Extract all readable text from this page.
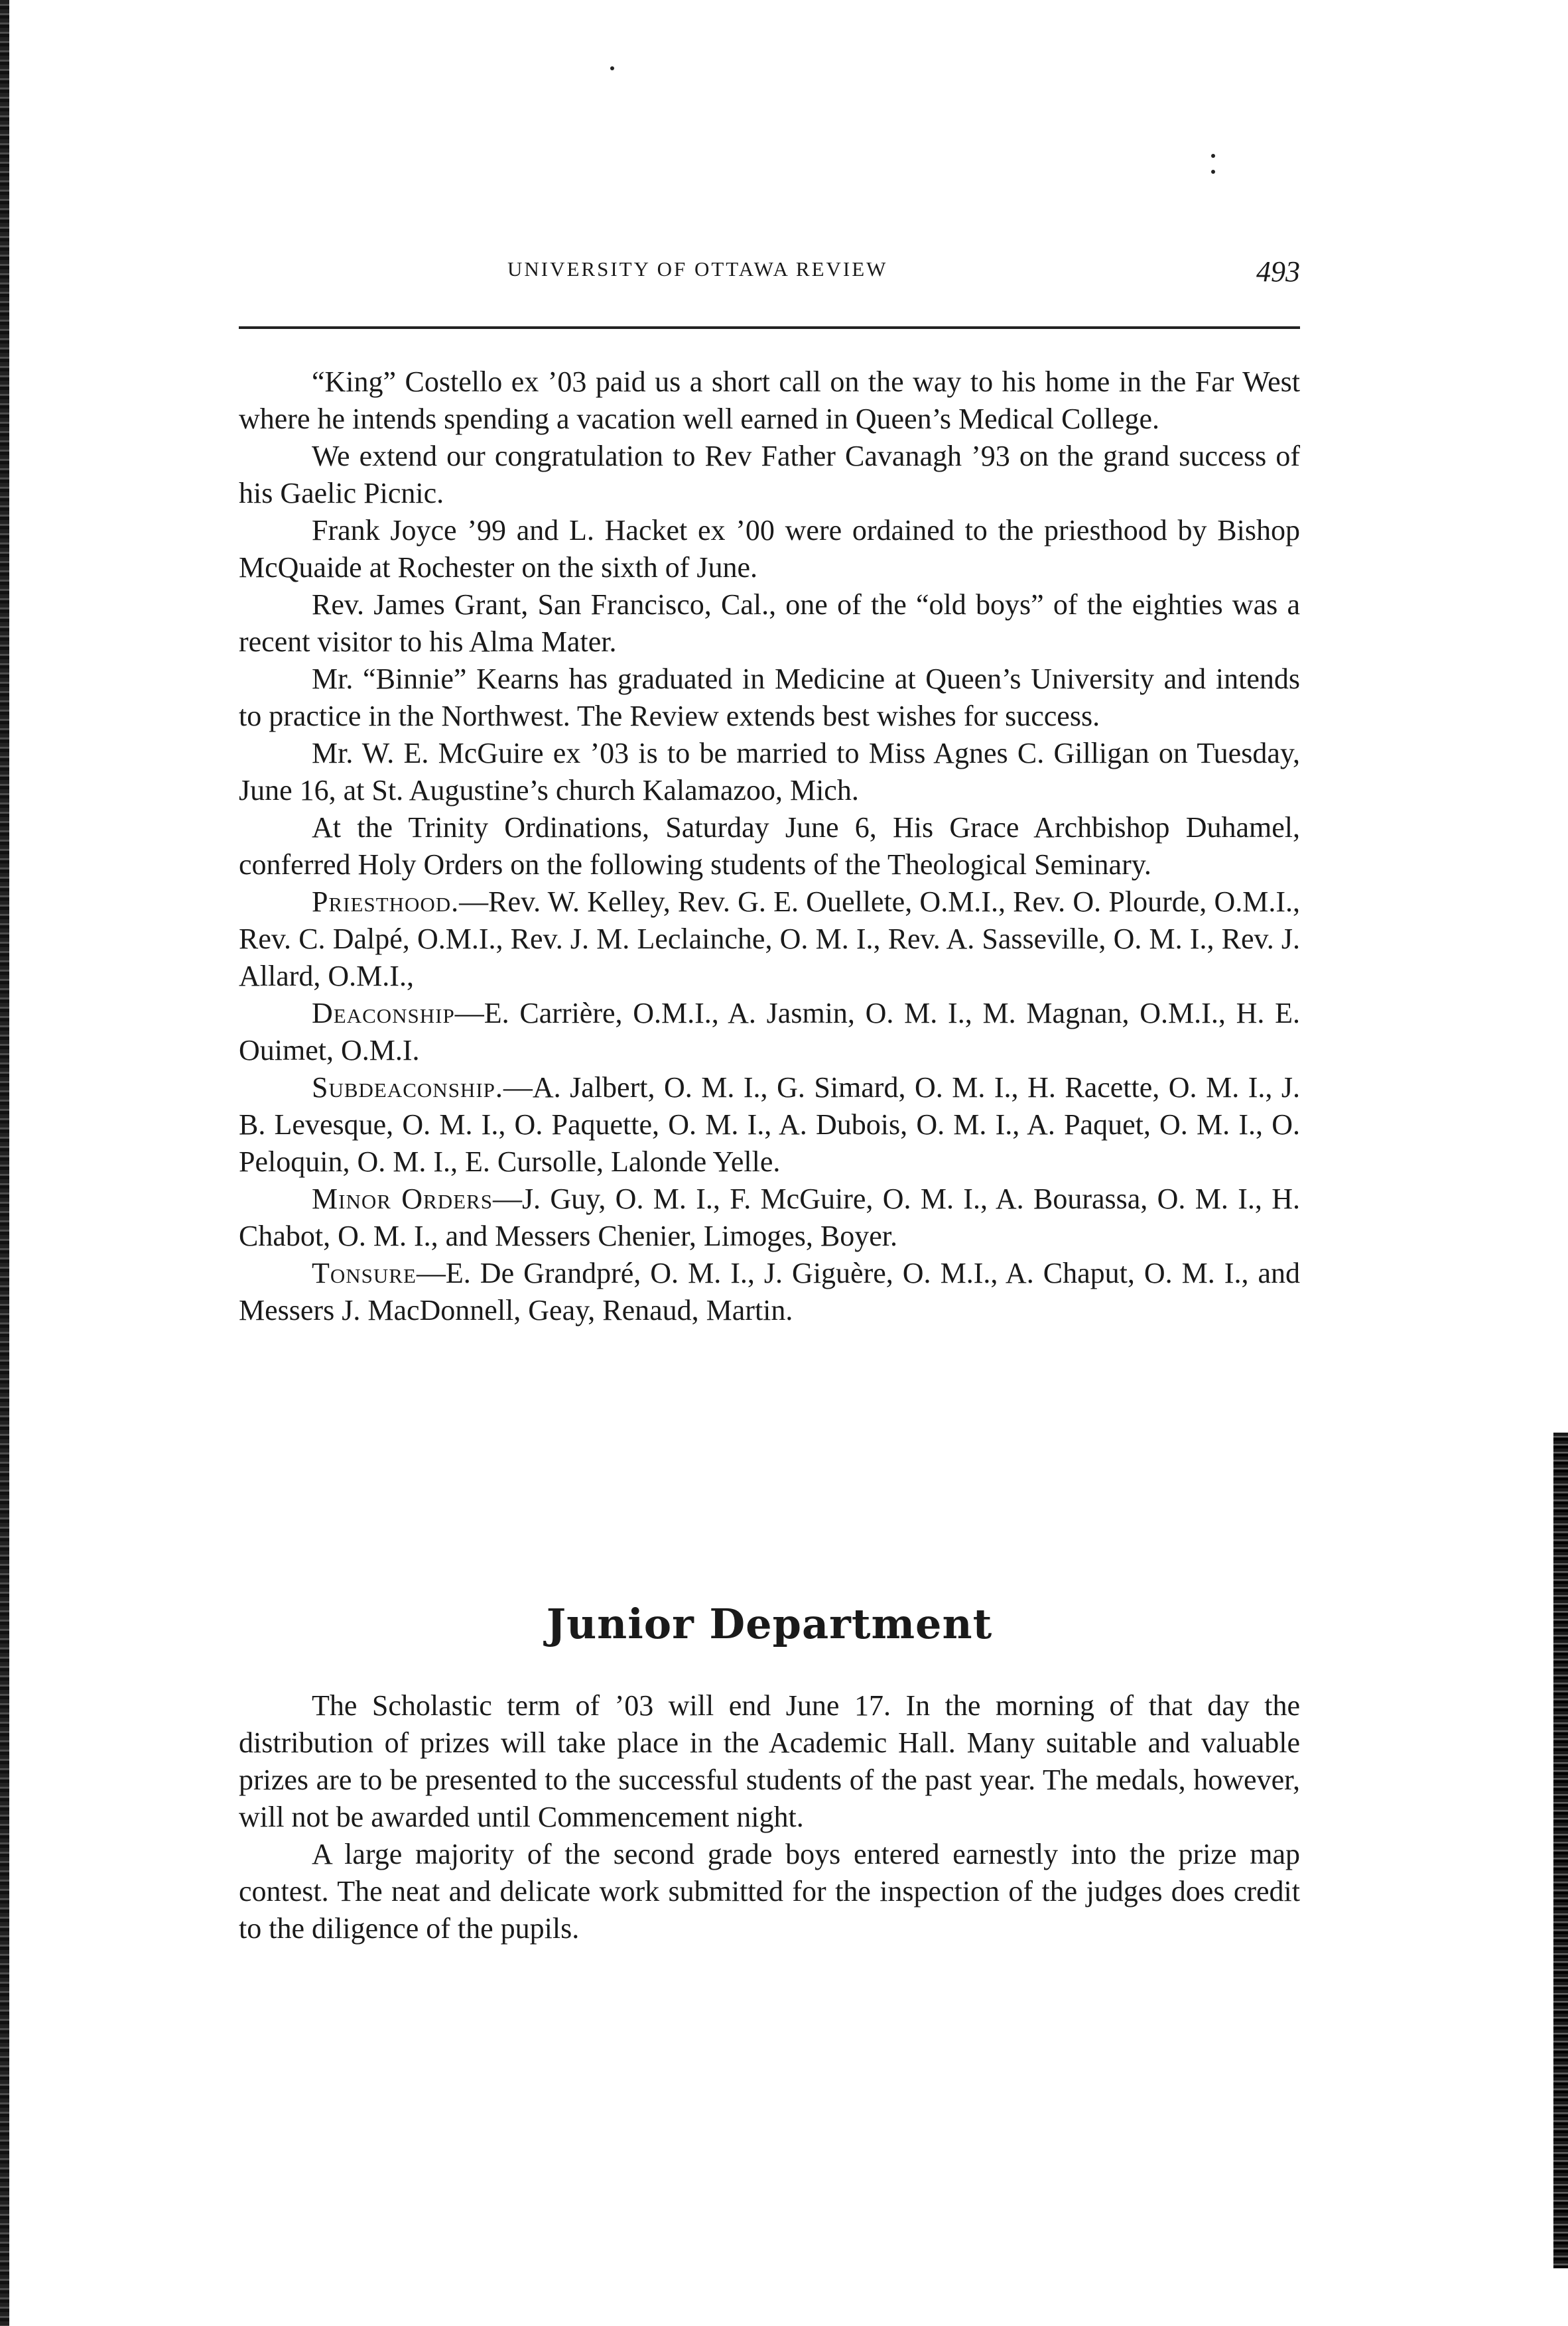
UNIVERSITY OF OTTAWA REVIEW	493

“King” Costello ex ’03 paid us a short call on the way to his home in the Far West where he intends spending a vacation well earned in Queen’s Medical College.

We extend our congratulation to Rev Father Cavanagh ’93 on the grand success of his Gaelic Picnic.

Frank Joyce ’99 and L. Hacket ex ’00 were ordained to the priesthood by Bishop McQuaide at Rochester on the sixth of June.

Rev. James Grant, San Francisco, Cal., one of the “old boys” of the eighties was a recent visitor to his Alma Mater.

Mr. “Binnie” Kearns has graduated in Medicine at Queen’s University and intends to practice in the Northwest. The Review extends best wishes for success.

Mr. W. E. McGuire ex ’03 is to be married to Miss Agnes C. Gilligan on Tuesday, June 16, at St. Augustine’s church Kalamazoo, Mich.

At the Trinity Ordinations, Saturday June 6, His Grace Archbishop Duhamel, conferred Holy Orders on the following students of the Theological Seminary.

Priesthood.—Rev. W. Kelley, Rev. G. E. Ouellete, O.M.I., Rev. O. Plourde, O.M.I., Rev. C. Dalpé, O.M.I., Rev. J. M. Leclainche, O. M. I., Rev. A. Sasseville, O. M. I., Rev. J. Allard, O.M.I.,

Deaconship—E. Carrière, O.M.I., A. Jasmin, O. M. I., M. Magnan, O.M.I., H. E. Ouimet, O.M.I.

Subdeaconship.—A. Jalbert, O. M. I., G. Simard, O. M. I., H. Racette, O. M. I., J. B. Levesque, O. M. I., O. Paquette, O. M. I., A. Dubois, O. M. I., A. Paquet, O. M. I., O. Peloquin, O. M. I., E. Cursolle, Lalonde Yelle.

Minor Orders—J. Guy, O. M. I., F. McGuire, O. M. I., A. Bourassa, O. M. I., H. Chabot, O. M. I., and Messers Chenier, Limoges, Boyer.

Tonsure—E. De Grandpré, O. M. I., J. Giguère, O. M.I., A. Chaput, O. M. I., and Messers J. MacDonnell, Geay, Renaud, Martin.

Junior Department

The Scholastic term of ’03 will end June 17. In the morning of that day the distribution of prizes will take place in the Academic Hall. Many suitable and valuable prizes are to be presented to the successful students of the past year. The medals, however, will not be awarded until Commencement night.

A large majority of the second grade boys entered earnestly into the prize map contest. The neat and delicate work submitted for the inspection of the judges does credit to the diligence of the pupils.
